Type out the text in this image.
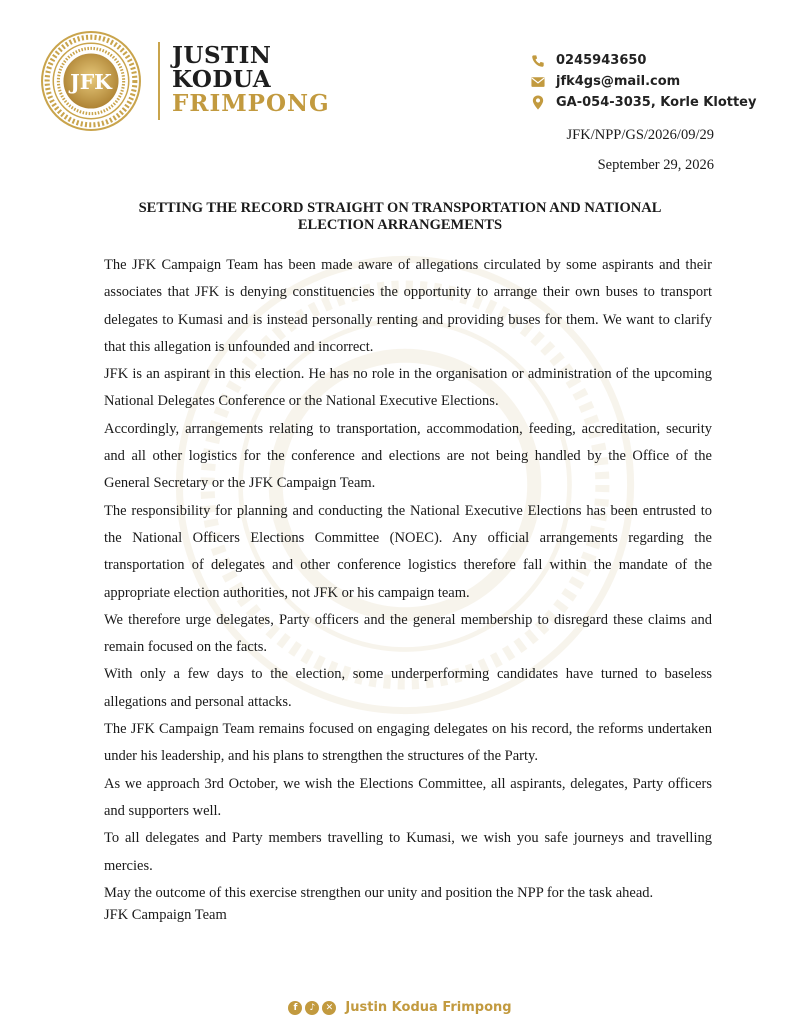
JFK
JUSTIN
KODUA
FRIMPONG
0245943650
jfk4gs@mail.com
GA-054-3035, Korle Klottey
JFK/NPP/GS/2026/09/29
September 29, 2026
SETTING THE RECORD STRAIGHT ON TRANSPORTATION AND NATIONAL
ELECTION ARRANGEMENTS

The JFK Campaign Team has been made aware of allegations circulated by some aspirants and their associates that JFK is denying constituencies the opportunity to arrange their own buses to transport delegates to Kumasi and is instead personally renting and providing buses for them. We want to clarify that this allegation is unfounded and incorrect.

JFK is an aspirant in this election. He has no role in the organisation or administration of the upcoming National Delegates Conference or the National Executive Elections.

Accordingly, arrangements relating to transportation, accommodation, feeding, accreditation, security and all other logistics for the conference and elections are not being handled by the Office of the General Secretary or the JFK Campaign Team.

The responsibility for planning and conducting the National Executive Elections has been entrusted to the National Officers Elections Committee (NOEC). Any official arrangements regarding the transportation of delegates and other conference logistics therefore fall within the mandate of the appropriate election authorities, not JFK or his campaign team.

We therefore urge delegates, Party officers and the general membership to disregard these claims and remain focused on the facts.

With only a few days to the election, some underperforming candidates have turned to baseless allegations and personal attacks.

The JFK Campaign Team remains focused on engaging delegates on his record, the reforms undertaken under his leadership, and his plans to strengthen the structures of the Party.

As we approach 3rd October, we wish the Elections Committee, all aspirants, delegates, Party officers and supporters well.

To all delegates and Party members travelling to Kumasi, we wish you safe journeys and travelling mercies.

May the outcome of this exercise strengthen our unity and position the NPP for the task ahead.

JFK Campaign Team
f	♪	✕ Justin Kodua Frimpong
